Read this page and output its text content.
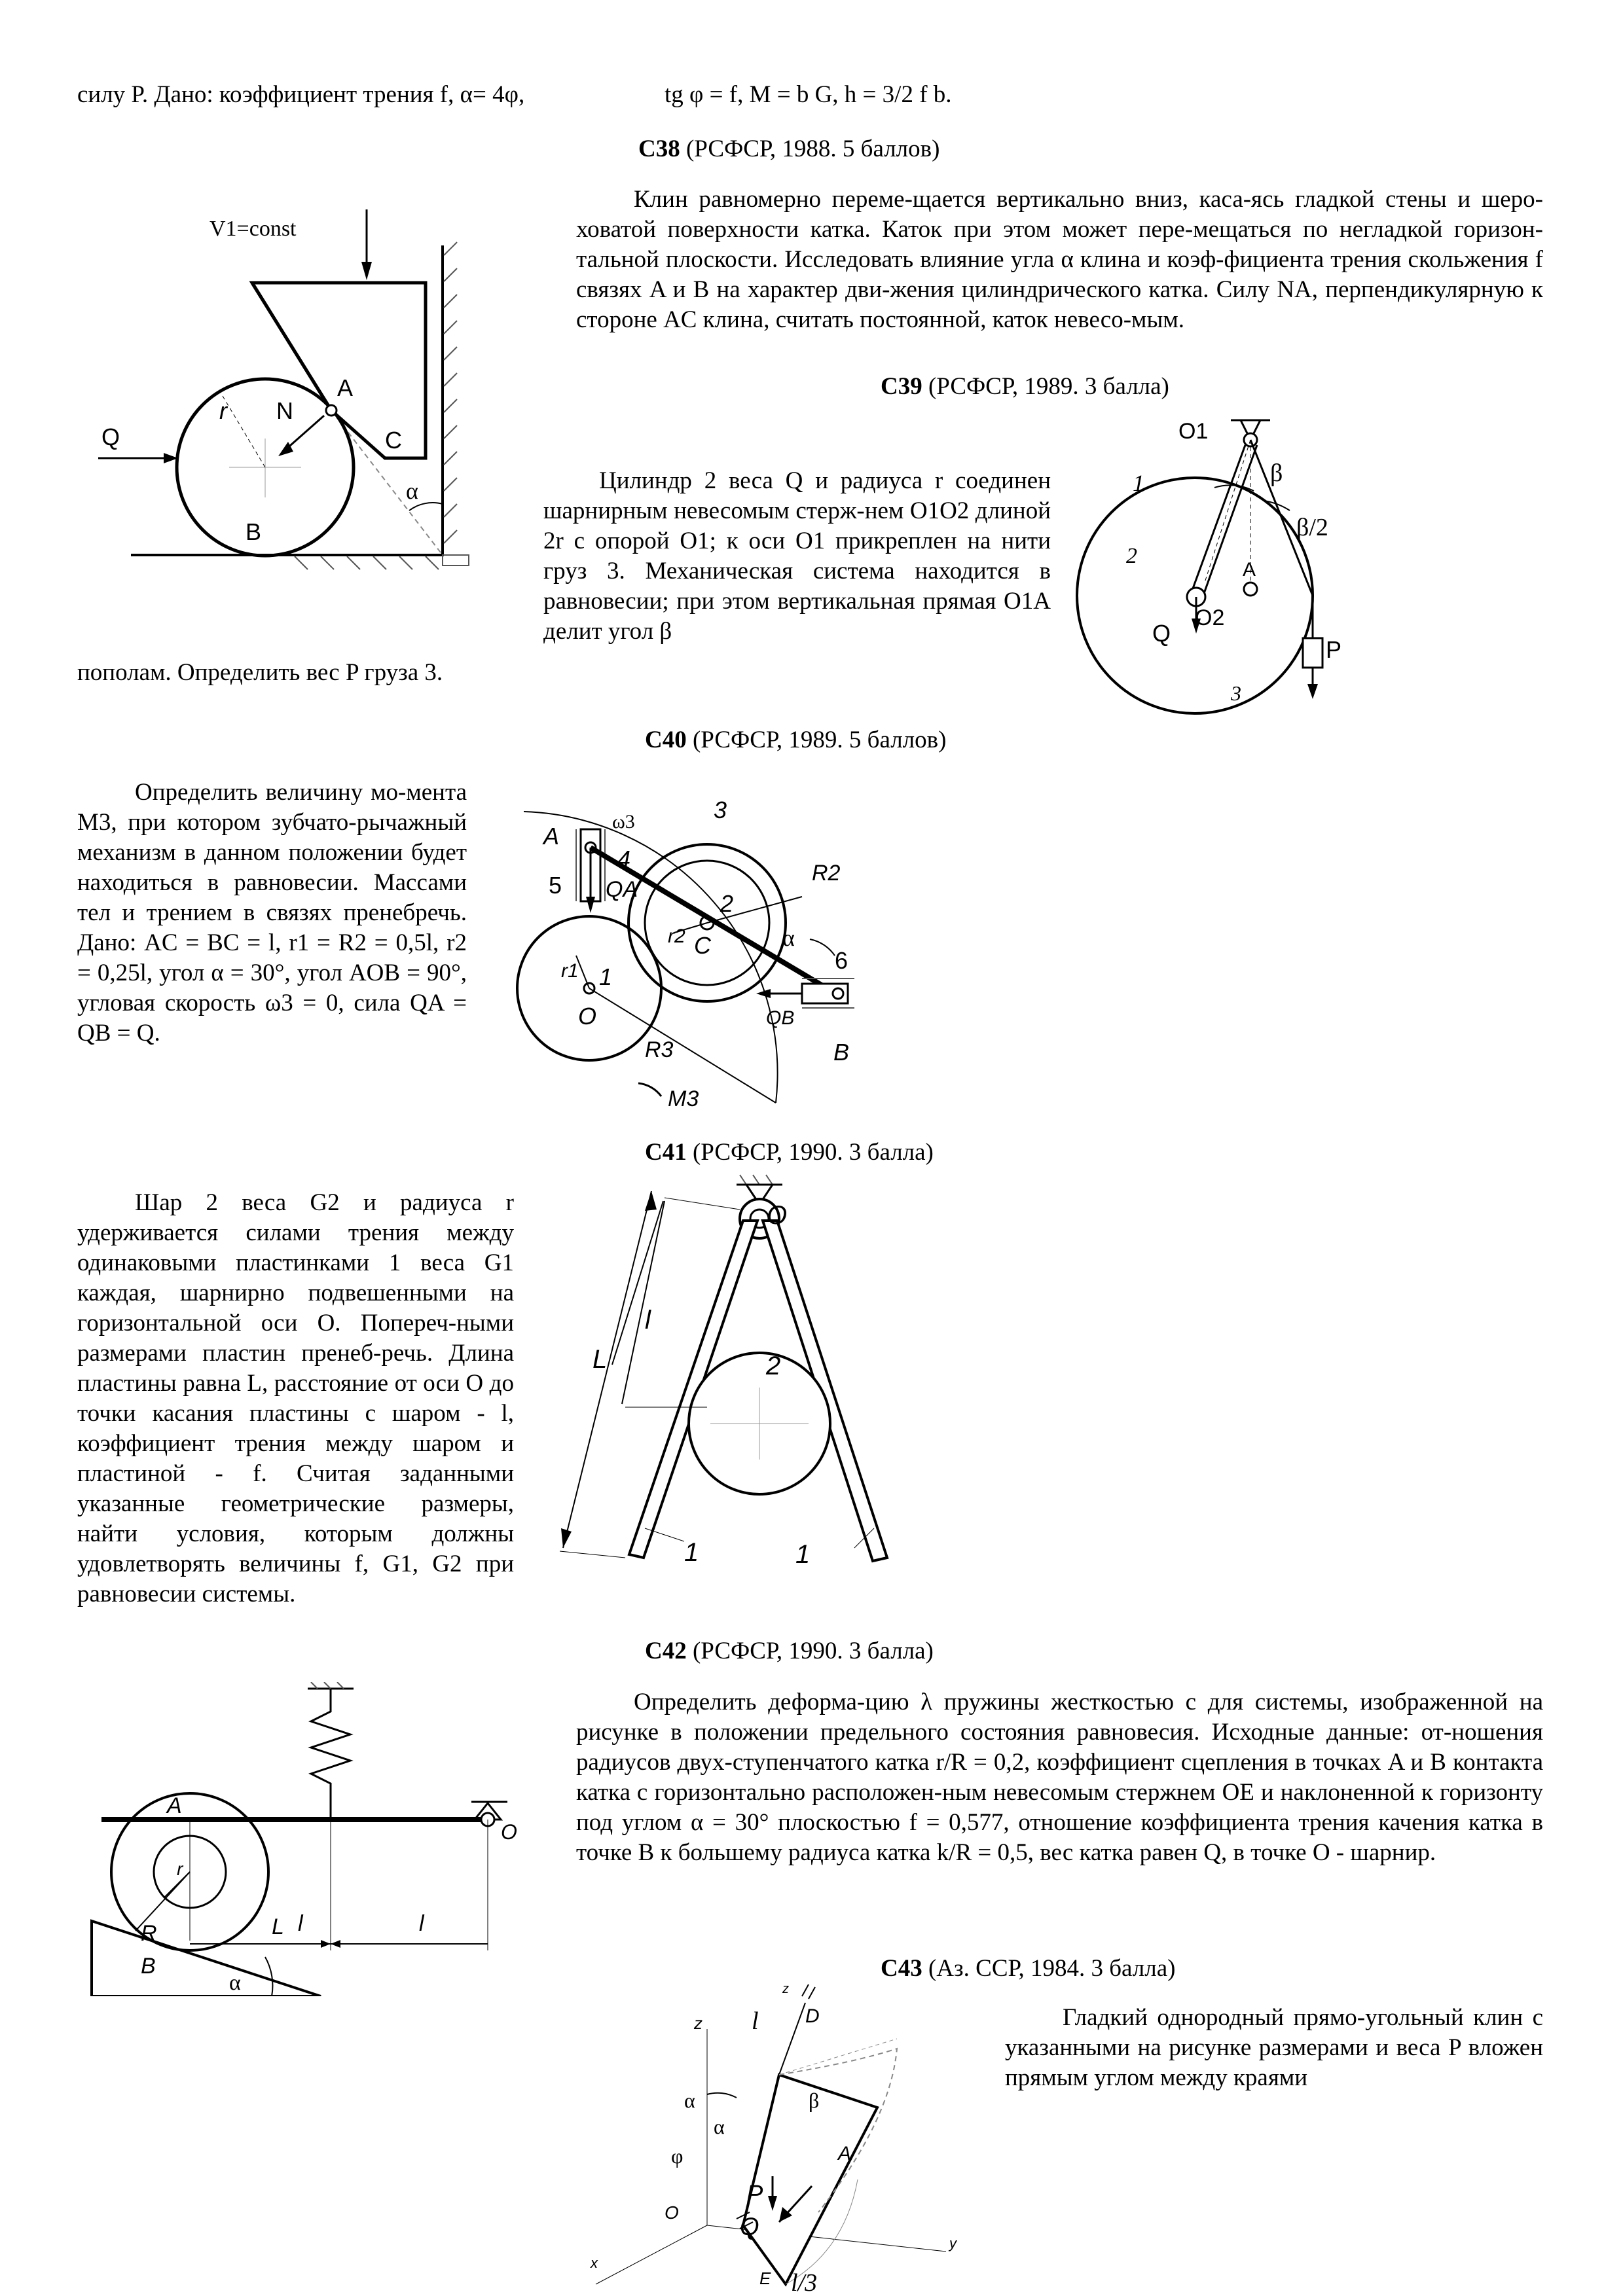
силу P. Дано: коэффициент трения f, α= 4φ,	tg φ = f, M = b G, h = 3/2 f b.
С38 (РСФСР, 1988. 5 баллов)
Клин равномерно переме-щается вертикально вниз, каса-ясь гладкой стены и шеро-ховатой поверхности катка. Каток при этом может пере-мещаться по негладкой горизон-тальной плоскости. Исследовать влияние угла α клина и коэф-фициента трения скольжения f связях A и B на характер дви-жения цилиндрического катка. Силу NA, перпендикулярную к стороне AC клина, считать постоянной, каток невесо-мым.
V1=const
A
N
r
Q	C
B
α
С39 (РСФСР, 1989. 3 балла)
Цилиндр 2 веса Q и радиуса r соединен шарнирным невесомым стерж-нем O1O2 длиной 2r с опорой O1; к оси O1 прикреплен на нити груз 3. Механическая система находится в равновесии; при этом вертикальная прямая O1A делит угол β
пополам. Определить вес P груза 3.
O1
β
1
2
β/2
A
Q
O2
P
3
С40 (РСФСР, 1989. 5 баллов)
Определить величину мо-мента M3, при котором зубчато-рычажный механизм в данном положении будет находиться в равновесии. Массами тел и трением в связях пренебречь. Дано: AC = BC = l, r1 = R2 = 0,5l, r2 = 0,25l, угол α = 30°, угол AOB = 90°, угловая скорость ω3 = 0, сила QA = QB = Q.
A
ω3	3
4
5 QA
2
r2
R2
C	α
6
r1 1
O	QB
R3	B
M3
С41 (РСФСР, 1990. 3 балла)
Шар 2 веса G2 и радиуса r удерживается силами трения между одинаковыми пластинками 1 веса G1 каждая, шарнирно подвешенными на горизонтальной оси O. Попереч-ными размерами пластин пренеб-речь. Длина пластины равна L, расстояние от оси O до точки касания пластины с шаром - l, коэффициент трения между шаром и пластиной - f. Считая заданными указанные геометрические размеры, найти условия, которым должны удовлетворять величины f, G1, G2 при равновесии системы.
O
L
l
2
1	1
С42 (РСФСР, 1990. 3 балла)
Определить деформа-цию λ пружины жесткостью c для системы, изображенной на рисунке в положении предельного состояния равновесия. Исходные данные: от-ношения радиусов двух-ступенчатого катка r/R = 0,2, коэффициент сцепления в точках A и B контакта катка с горизонтально расположен-ным невесомым стержнем OE и наклоненной к горизонту под углом α = 30° плоскостью f = 0,577, отношение коэффициента трения качения катка в точке B к большему радиуса катка k/R = 0,5, вес катка равен Q, в точке O - шарнир.
A
r
R	L l	l
B
α
O
С43 (Аз. ССР, 1984. 3 балла)
Гладкий однородный прямо-угольный клин с указанными на рисунке размерами и веса P вложен прямым углом между краями
z l
z
D
α	β
α
φ	A
O
P
Q
x
y
E l/3
